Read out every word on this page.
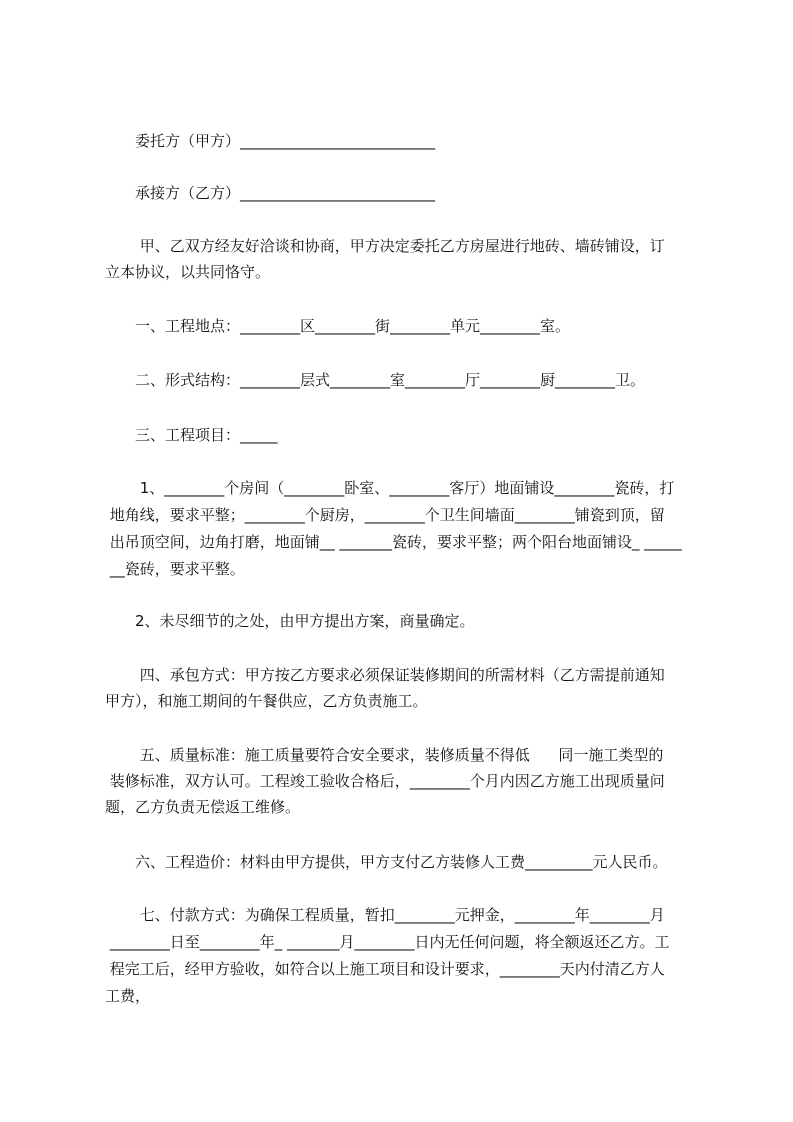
委托方（甲方）__________________________
承接方（乙方）__________________________
甲、乙双方经友好洽谈和协商，甲方决定委托乙方房屋进行地砖、墙砖铺设，订
立本协议，以共同恪守。
一、工程地点：________区________街________单元________室。
二、形式结构：________层式________室________厅________厨________卫。
三、工程项目：_____
1、________个房间（________卧室、________客厅）地面铺设________瓷砖，打
地角线，要求平整；________个厨房，________个卫生间墙面________铺瓷到顶，留
出吊顶空间，边角打磨，地面铺__ _______瓷砖，要求平整；两个阳台地面铺设_ _____
__瓷砖，要求平整。
2、未尽细节的之处，由甲方提出方案，商量确定。
四、承包方式：甲方按乙方要求必须保证装修期间的所需材料（乙方需提前通知
甲方），和施工期间的午餐供应，乙方负责施工。
五、质量标准：施工质量要符合安全要求，装修质量不得低      同一施工类型的
装修标准，双方认可。工程竣工验收合格后，________个月内因乙方施工出现质量问
题，乙方负责无偿返工维修。
六、工程造价：材料由甲方提供，甲方支付乙方装修人工费_________元人民币。
七、付款方式：为确保工程质量，暂扣________元押金，________年________月
________日至________年_ _______月________日内无任何问题，将全额返还乙方。工
程完工后，经甲方验收，如符合以上施工项目和设计要求，________天内付清乙方人
工费，
